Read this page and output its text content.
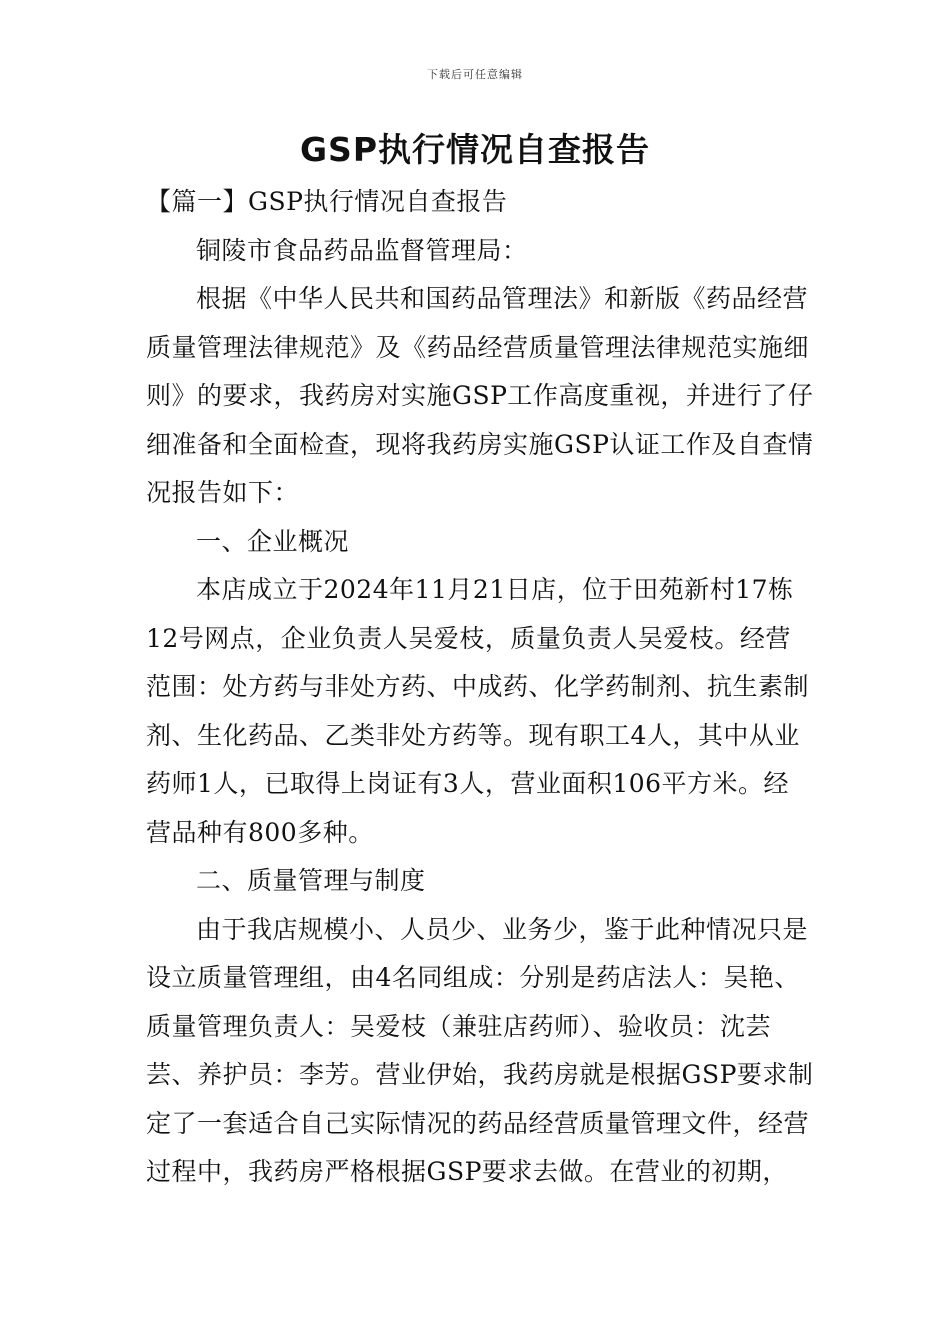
下载后可任意编辑
GSP执行情况自查报告

【篇一】GSP执行情况自查报告

铜陵市食品药品监督管理局：

根据《中华人民共和国药品管理法》和新版《药品经营质量管理法律规范》及《药品经营质量管理法律规范实施细则》的要求，我药房对实施GSP工作高度重视，并进行了仔细准备和全面检查，现将我药房实施GSP认证工作及自查情况报告如下：

一、企业概况

本店成立于2024年11月21日店，位于田苑新村17栋12号网点，企业负责人吴爱枝，质量负责人吴爱枝。经营范围：处方药与非处方药、中成药、化学药制剂、抗生素制剂、生化药品、乙类非处方药等。现有职工4人，其中从业药师1人，已取得上岗证有3人，营业面积106平方米。经营品种有800多种。

二、质量管理与制度

由于我店规模小、人员少、业务少，鉴于此种情况只是设立质量管理组，由4名同组成：分别是药店法人：吴艳、质量管理负责人：吴爱枝（兼驻店药师）、验收员：沈芸芸、养护员：李芳。营业伊始，我药房就是根据GSP要求制定了一套适合自己实际情况的药品经营质量管理文件，经营过程中，我药房严格根据GSP要求去做。在营业的初期，
